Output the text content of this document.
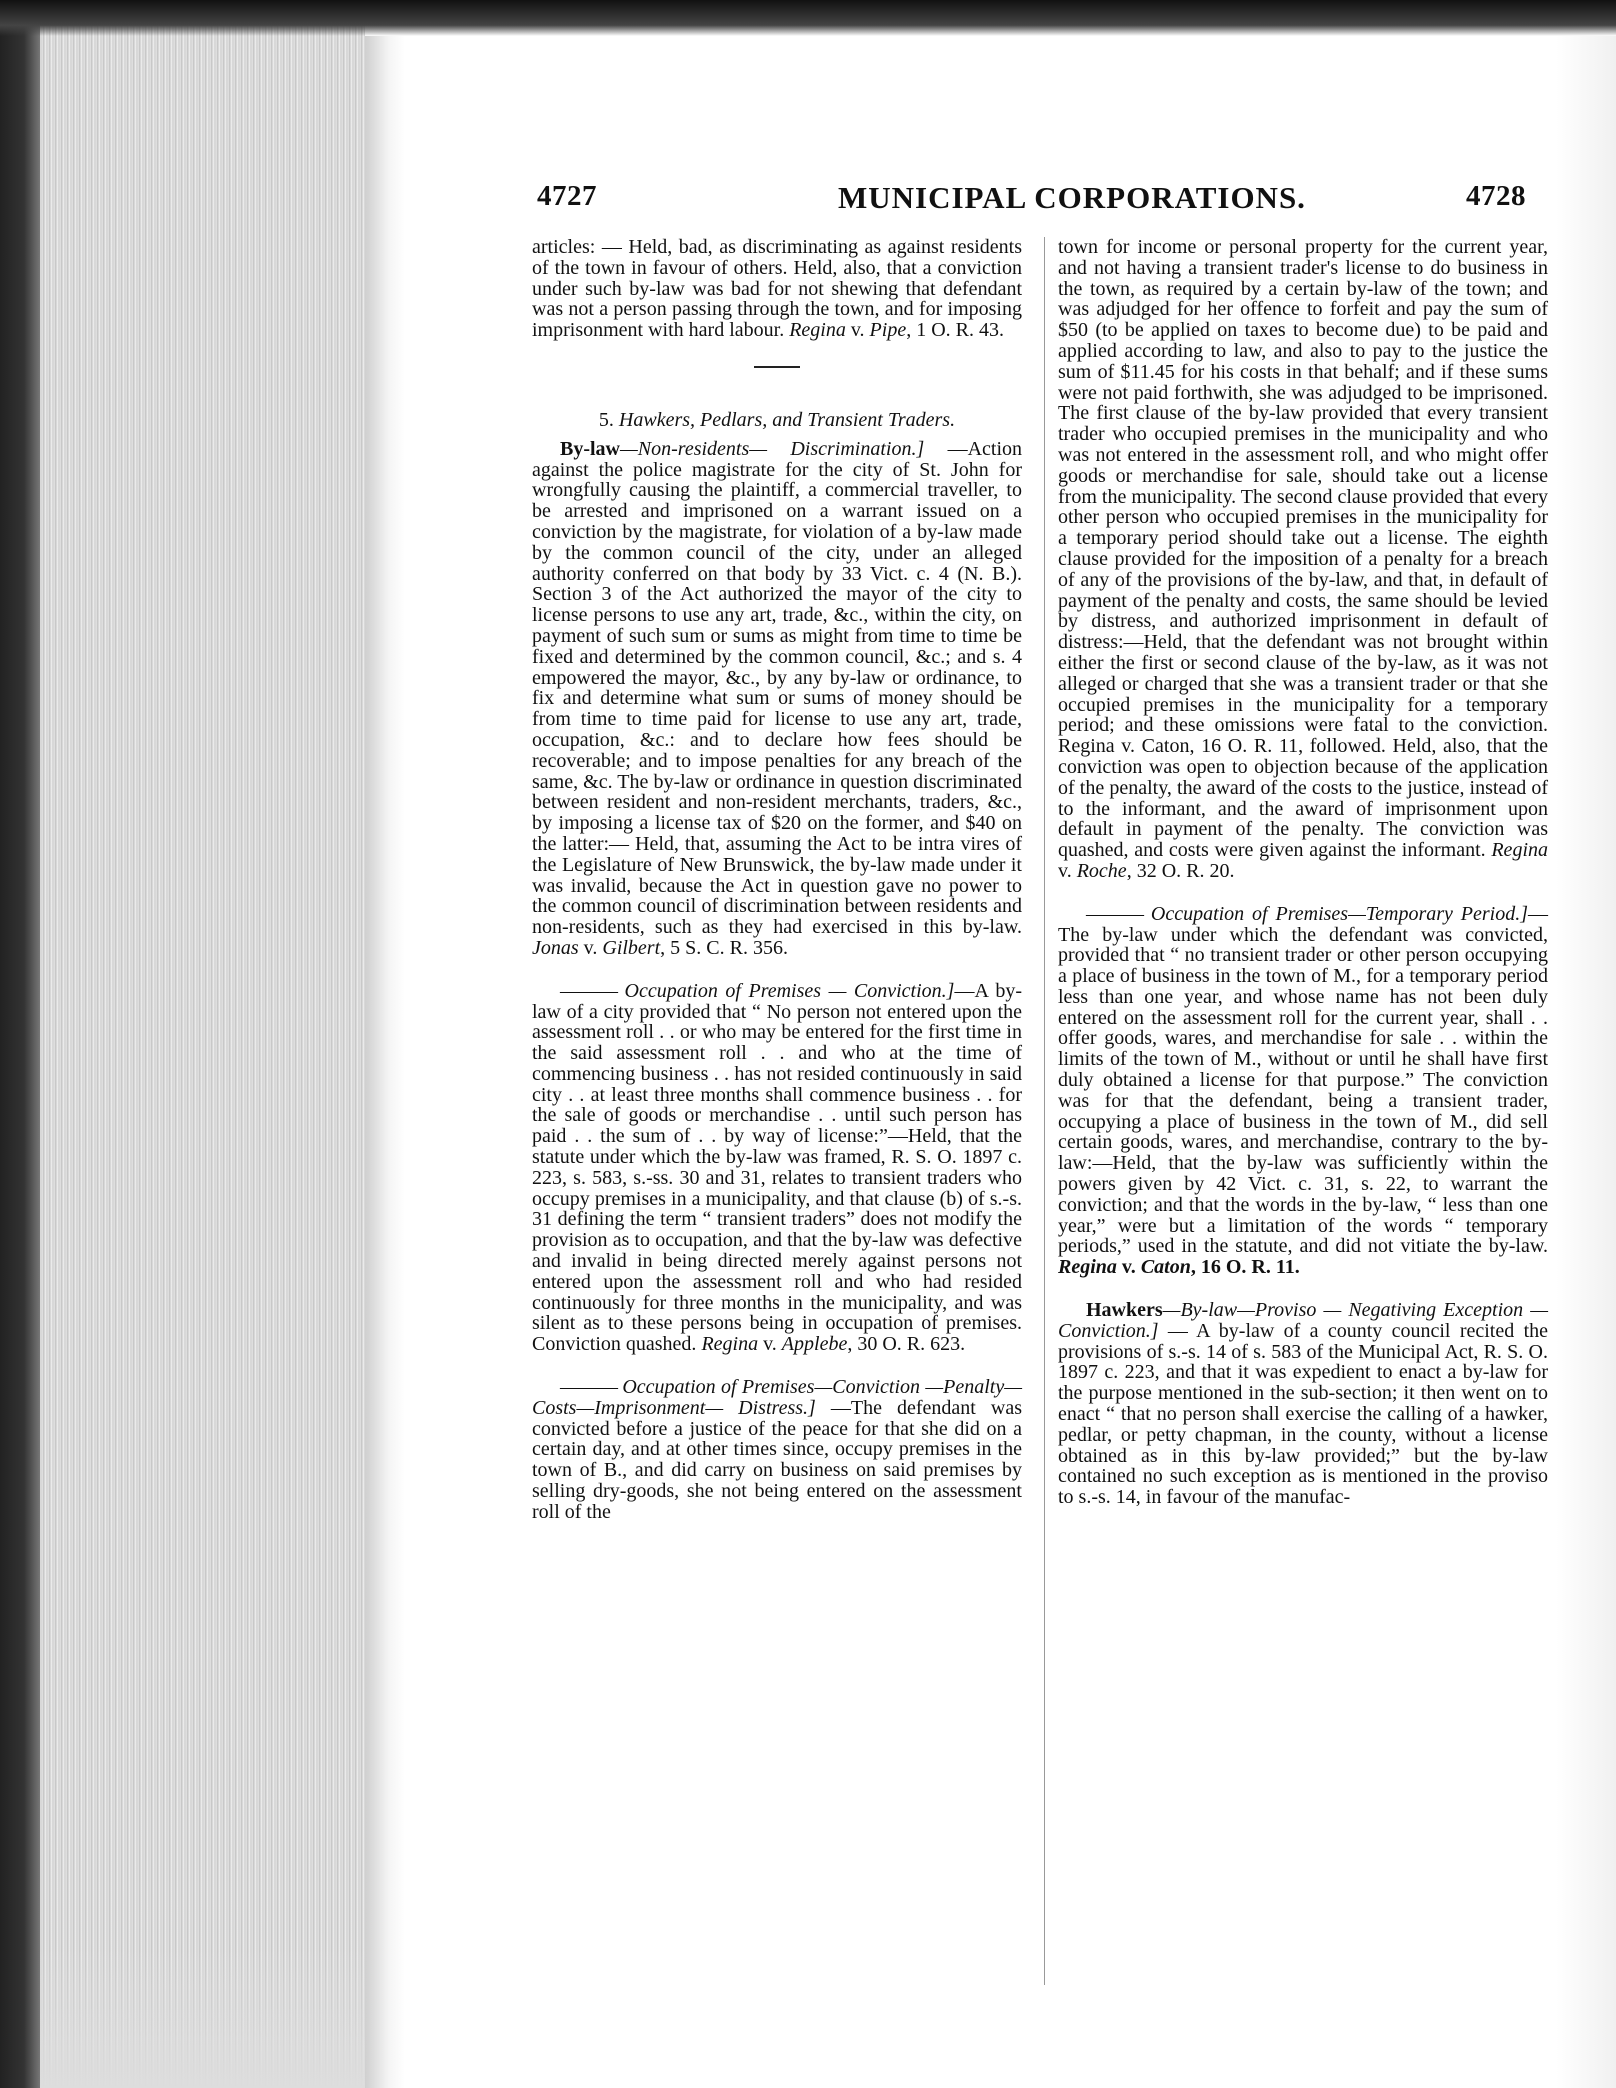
4727	MUNICIPAL CORPORATIONS.	4728

articles: — Held, bad, as discriminating as against residents of the town in favour of others. Held, also, that a conviction under such by-law was bad for not shewing that defendant was not a person passing through the town, and for imposing imprisonment with hard labour. Regina v. Pipe, 1 O. R. 43.

5. Hawkers, Pedlars, and Transient Traders.

By-law—Non-residents— Discrimination.] —Action against the police magistrate for the city of St. John for wrongfully causing the plaintiff, a commercial traveller, to be arrested and imprisoned on a warrant issued on a conviction by the magistrate, for violation of a by-law made by the common council of the city, under an alleged authority conferred on that body by 33 Vict. c. 4 (N. B.). Section 3 of the Act authorized the mayor of the city to license persons to use any art, trade, &c., within the city, on payment of such sum or sums as might from time to time be fixed and determined by the common council, &c.; and s. 4 empowered the mayor, &c., by any by-law or ordinance, to fix and determine what sum or sums of money should be from time to time paid for license to use any art, trade, occupation, &c.: and to declare how fees should be recoverable; and to impose penalties for any breach of the same, &c. The by-law or ordinance in question discriminated between resident and non-resident merchants, traders, &c., by imposing a license tax of $20 on the former, and $40 on the latter:— Held, that, assuming the Act to be intra vires of the Legislature of New Brunswick, the by-law made under it was invalid, because the Act in question gave no power to the common council of discrimination between residents and non-residents, such as they had exercised in this by-law. Jonas v. Gilbert, 5 S. C. R. 356.

——— Occupation of Premises — Conviction.]—A by-law of a city provided that “ No person not entered upon the assessment roll . . or who may be entered for the first time in the said assessment roll . . and who at the time of commencing business . . has not resided continuously in said city . . at least three months shall commence business . . for the sale of goods or merchandise . . until such person has paid . . the sum of . . by way of license:”—Held, that the statute under which the by-law was framed, R. S. O. 1897 c. 223, s. 583, s.-ss. 30 and 31, relates to transient traders who occupy premises in a municipality, and that clause (b) of s.-s. 31 defining the term “ transient traders” does not modify the provision as to occupation, and that the by-law was defective and invalid in being directed merely against persons not entered upon the assessment roll and who had resided continuously for three months in the municipality, and was silent as to these persons being in occupation of premises. Conviction quashed. Regina v. Applebe, 30 O. R. 623.

——— Occupation of Premises—Conviction —Penalty—Costs—Imprisonment— Distress.] —The defendant was convicted before a justice of the peace for that she did on a certain day, and at other times since, occupy premises in the town of B., and did carry on business on said premises by selling dry-goods, she not being entered on the assessment roll of the

town for income or personal property for the current year, and not having a transient trader's license to do business in the town, as required by a certain by-law of the town; and was adjudged for her offence to forfeit and pay the sum of $50 (to be applied on taxes to become due) to be paid and applied according to law, and also to pay to the justice the sum of $11.45 for his costs in that behalf; and if these sums were not paid forthwith, she was adjudged to be imprisoned. The first clause of the by-law provided that every transient trader who occupied premises in the municipality and who was not entered in the assessment roll, and who might offer goods or merchandise for sale, should take out a license from the municipality. The second clause provided that every other person who occupied premises in the municipality for a temporary period should take out a license. The eighth clause provided for the imposition of a penalty for a breach of any of the provisions of the by-law, and that, in default of payment of the penalty and costs, the same should be levied by distress, and authorized imprisonment in default of distress:—Held, that the defendant was not brought within either the first or second clause of the by-law, as it was not alleged or charged that she was a transient trader or that she occupied premises in the municipality for a temporary period; and these omissions were fatal to the conviction. Regina v. Caton, 16 O. R. 11, followed. Held, also, that the conviction was open to objection because of the application of the penalty, the award of the costs to the justice, instead of to the informant, and the award of imprisonment upon default in payment of the penalty. The conviction was quashed, and costs were given against the informant. Regina v. Roche, 32 O. R. 20.

——— Occupation of Premises—Temporary Period.]—The by-law under which the defendant was convicted, provided that “ no transient trader or other person occupying a place of business in the town of M., for a temporary period less than one year, and whose name has not been duly entered on the assessment roll for the current year, shall . . offer goods, wares, and merchandise for sale . . within the limits of the town of M., without or until he shall have first duly obtained a license for that purpose.” The conviction was for that the defendant, being a transient trader, occupying a place of business in the town of M., did sell certain goods, wares, and merchandise, contrary to the by-law:—Held, that the by-law was sufficiently within the powers given by 42 Vict. c. 31, s. 22, to warrant the conviction; and that the words in the by-law, “ less than one year,” were but a limitation of the words “ temporary periods,” used in the statute, and did not vitiate the by-law. Regina v. Caton, 16 O. R. 11.

Hawkers—By-law—Proviso — Negativing Exception — Conviction.] — A by-law of a county council recited the provisions of s.-s. 14 of s. 583 of the Municipal Act, R. S. O. 1897 c. 223, and that it was expedient to enact a by-law for the purpose mentioned in the sub-section; it then went on to enact “ that no person shall exercise the calling of a hawker, pedlar, or petty chapman, in the county, without a license obtained as in this by-law provided;” but the by-law contained no such exception as is mentioned in the proviso to s.-s. 14, in favour of the manufac-
